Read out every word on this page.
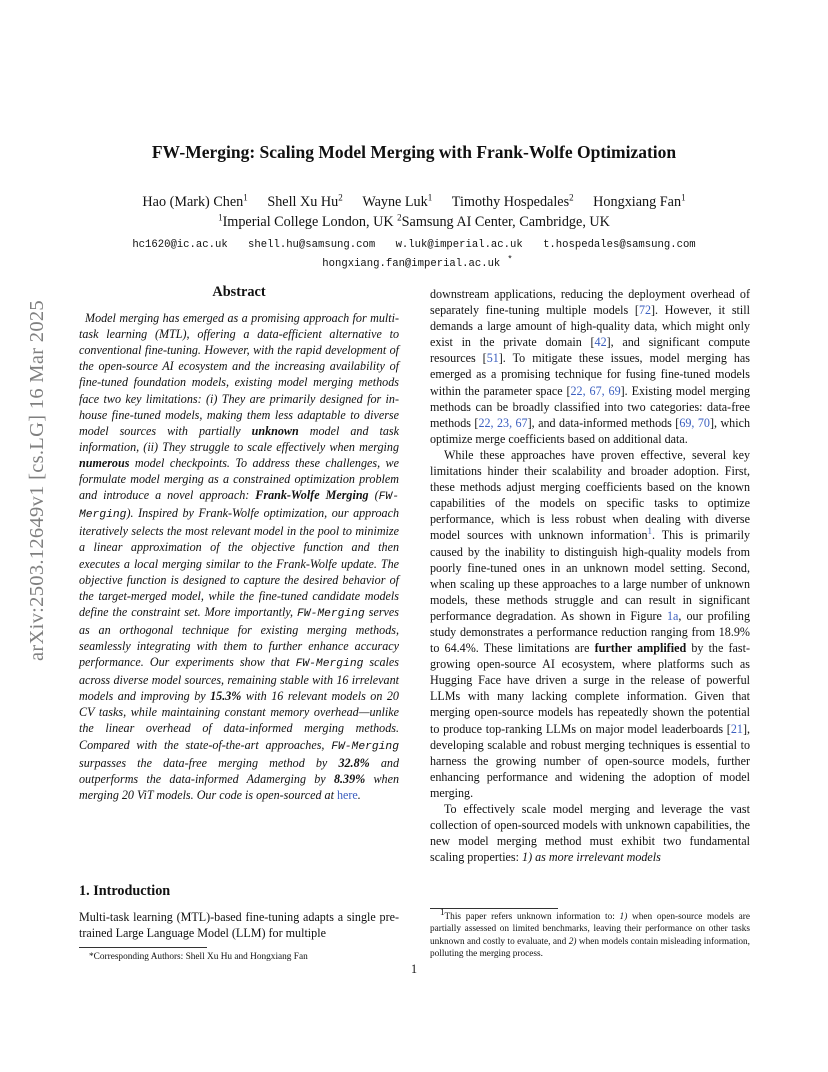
arXiv:2503.12649v1 [cs.LG] 16 Mar 2025
FW-Merging: Scaling Model Merging with Frank-Wolfe Optimization
Hao (Mark) Chen$^1$ Shell Xu Hu$^2$ Wayne Luk$^1$ Timothy Hospedales$^2$ Hongxiang Fan$^1$
$^1$Imperial College London, UK $^2$Samsung AI Center, Cambridge, UK
hc1620@ic.ac.uk shell.hu@samsung.com w.luk@imperial.ac.uk t.hospedales@samsung.com
hongxiang.fan@imperial.ac.uk *
Abstract
Model merging has emerged as a promising approach for multi-task learning (MTL), offering a data-efficient alternative to conventional fine-tuning. However, with the rapid development of the open-source AI ecosystem and the increasing availability of fine-tuned foundation models, existing model merging methods face two key limitations: (i) They are primarily designed for in-house fine-tuned models, making them less adaptable to diverse model sources with partially unknown model and task information, (ii) They struggle to scale effectively when merging numerous model checkpoints. To address these challenges, we formulate model merging as a constrained optimization problem and introduce a novel approach: Frank-Wolfe Merging (FW-Merging). Inspired by Frank-Wolfe optimization, our approach iteratively selects the most relevant model in the pool to minimize a linear approximation of the objective function and then executes a local merging similar to the Frank-Wolfe update. The objective function is designed to capture the desired behavior of the target-merged model, while the fine-tuned candidate models define the constraint set. More importantly, FW-Merging serves as an orthogonal technique for existing merging methods, seamlessly integrating with them to further enhance accuracy performance. Our experiments show that FW-Merging scales across diverse model sources, remaining stable with 16 irrelevant models and improving by 15.3% with 16 relevant models on 20 CV tasks, while maintaining constant memory overhead—unlike the linear overhead of data-informed merging methods. Compared with the state-of-the-art approaches, FW-Merging surpasses the data-free merging method by 32.8% and outperforms the data-informed Adamerging by 8.39% when merging 20 ViT models. Our code is open-sourced at here.
1. Introduction
Multi-task learning (MTL)-based fine-tuning adapts a single pre-trained Large Language Model (LLM) for multiple
*Corresponding Authors: Shell Xu Hu and Hongxiang Fan

downstream applications, reducing the deployment overhead of separately fine-tuning multiple models [72]. However, it still demands a large amount of high-quality data, which might only exist in the private domain [42], and significant compute resources [51]. To mitigate these issues, model merging has emerged as a promising technique for fusing fine-tuned models within the parameter space [22, 67, 69]. Existing model merging methods can be broadly classified into two categories: data-free methods [22, 23, 67], and data-informed methods [69, 70], which optimize merge coefficients based on additional data.

While these approaches have proven effective, several key limitations hinder their scalability and broader adoption. First, these methods adjust merging coefficients based on the known capabilities of the models on specific tasks to optimize performance, which is less robust when dealing with diverse model sources with unknown information$^1$. This is primarily caused by the inability to distinguish high-quality models from poorly fine-tuned ones in an unknown model setting. Second, when scaling up these approaches to a large number of unknown models, these methods struggle and can result in significant performance degradation. As shown in Figure 1a, our profiling study demonstrates a performance reduction ranging from 18.9% to 64.4%. These limitations are further amplified by the fast-growing open-source AI ecosystem, where platforms such as Hugging Face have driven a surge in the release of powerful LLMs with many lacking complete information. Given that merging open-source models has repeatedly shown the potential to produce top-ranking LLMs on major model leaderboards [21], developing scalable and robust merging techniques is essential to harness the growing number of open-source models, further enhancing performance and widening the adoption of model merging.

To effectively scale model merging and leverage the vast collection of open-sourced models with unknown capabilities, the new model merging method must exhibit two fundamental scaling properties: 1) as more irrelevant models

$^1$This paper refers unknown information to: 1) when open-source models are partially assessed on limited benchmarks, leaving their performance on other tasks unknown and costly to evaluate, and 2) when models contain misleading information, polluting the merging process.
1
